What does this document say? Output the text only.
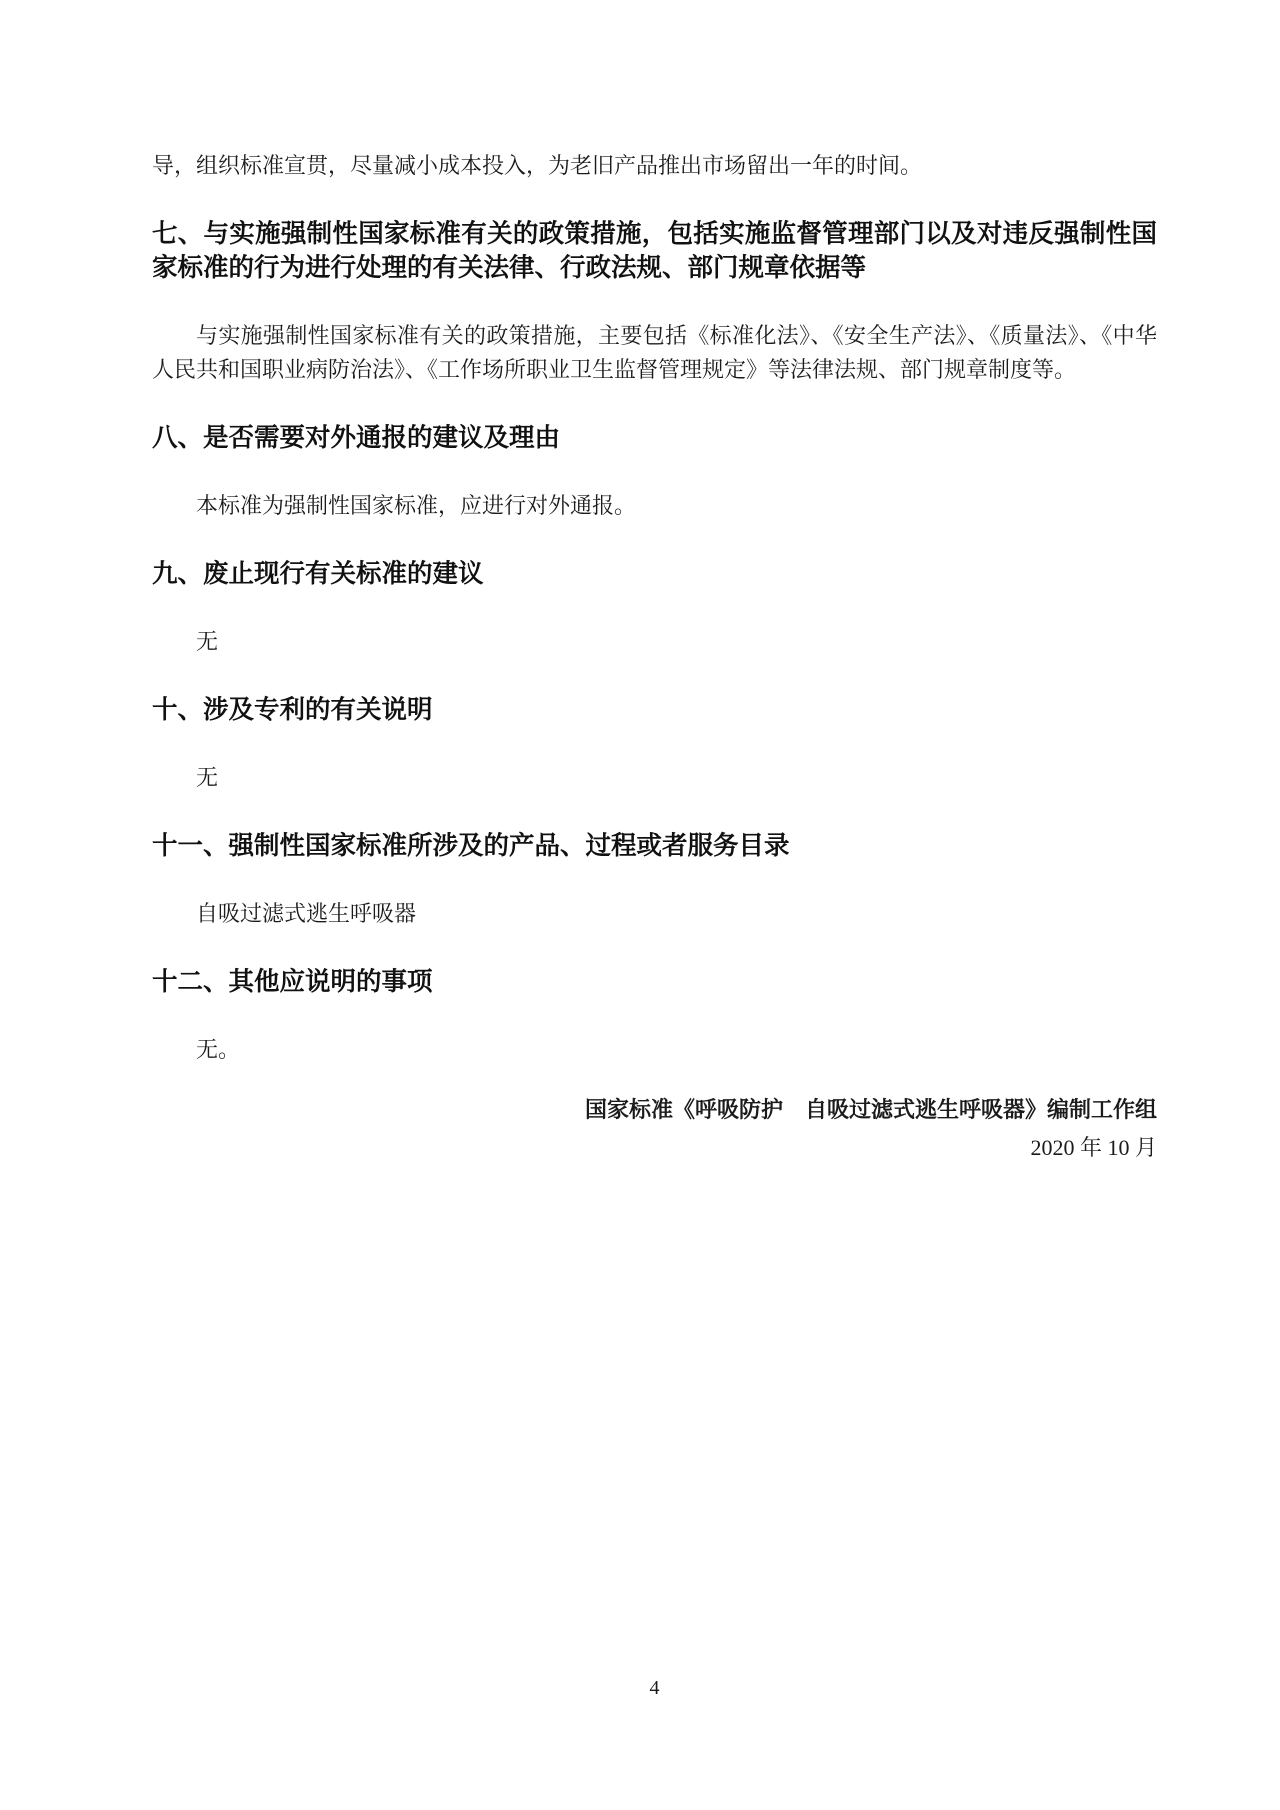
导，组织标准宣贯，尽量减小成本投入，为老旧产品推出市场留出一年的时间。

七、与实施强制性国家标准有关的政策措施，包括实施监督管理部门以及对违反强制性国家标准的行为进行处理的有关法律、行政法规、部门规章依据等

与实施强制性国家标准有关的政策措施，主要包括《标准化法》、《安全生产法》、《质量法》、《中华人民共和国职业病防治法》、《工作场所职业卫生监督管理规定》等法律法规、部门规章制度等。

八、是否需要对外通报的建议及理由

本标准为强制性国家标准，应进行对外通报。

九、废止现行有关标准的建议

无

十、涉及专利的有关说明

无

十一、强制性国家标准所涉及的产品、过程或者服务目录

自吸过滤式逃生呼吸器

十二、其他应说明的事项

无。

国家标准《呼吸防护　自吸过滤式逃生呼吸器》编制工作组

2020 年 10 月

4
